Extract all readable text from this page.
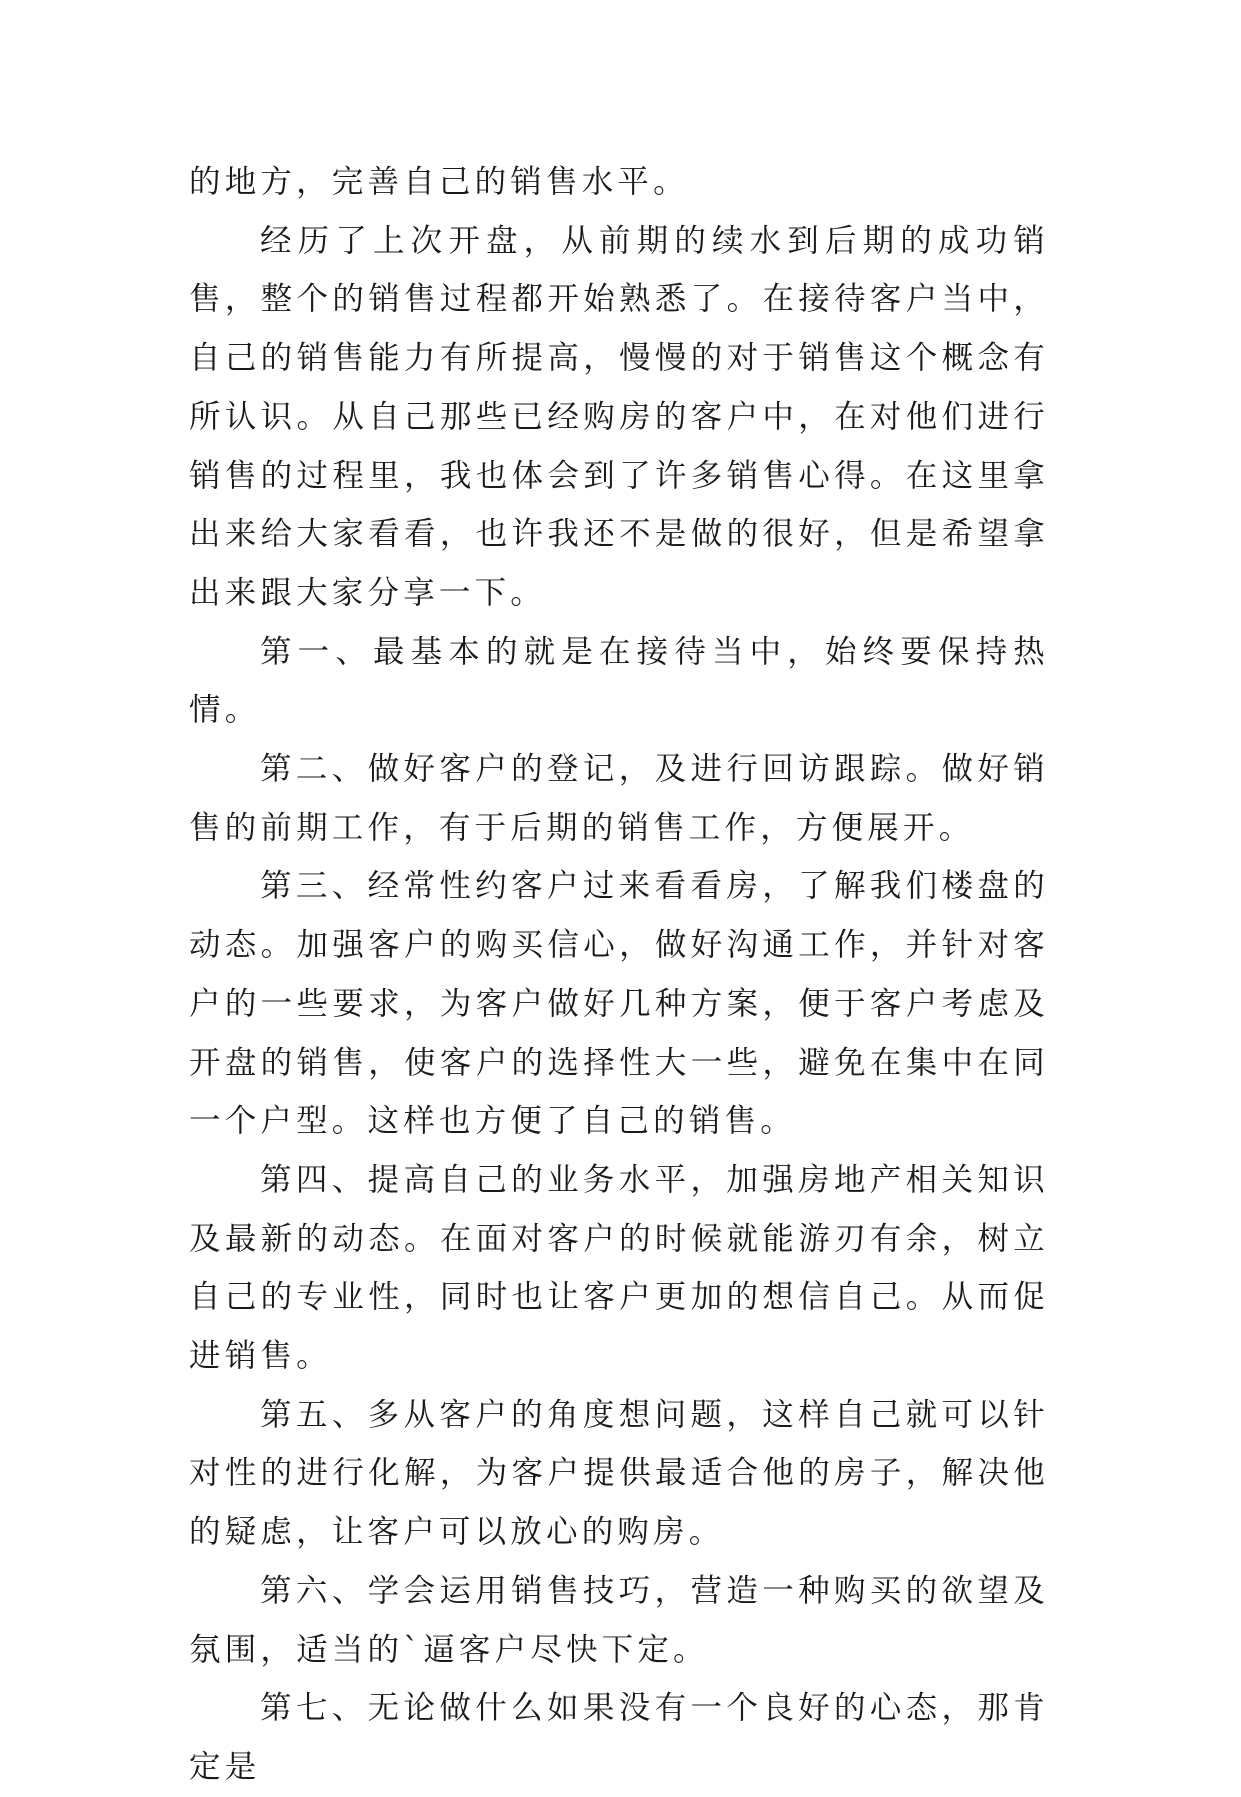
的地方，完善自己的销售水平。

经历了上次开盘，从前期的续水到后期的成功销售，整个的销售过程都开始熟悉了。在接待客户当中，自己的销售能力有所提高，慢慢的对于销售这个概念有所认识。从自己那些已经购房的客户中，在对他们进行销售的过程里，我也体会到了许多销售心得。在这里拿出来给大家看看，也许我还不是做的很好，但是希望拿出来跟大家分享一下。

第一、最基本的就是在接待当中，始终要保持热情。

第二、做好客户的登记，及进行回访跟踪。做好销售的前期工作，有于后期的销售工作，方便展开。

第三、经常性约客户过来看看房，了解我们楼盘的动态。加强客户的购买信心，做好沟通工作，并针对客户的一些要求，为客户做好几种方案，便于客户考虑及开盘的销售，使客户的选择性大一些，避免在集中在同一个户型。这样也方便了自己的销售。

第四、提高自己的业务水平，加强房地产相关知识及最新的动态。在面对客户的时候就能游刃有余，树立自己的专业性，同时也让客户更加的想信自己。从而促进销售。

第五、多从客户的角度想问题，这样自己就可以针对性的进行化解，为客户提供最适合他的房子，解决他的疑虑，让客户可以放心的购房。

第六、学会运用销售技巧，营造一种购买的欲望及氛围，适当的`逼客户尽快下定。

第七、无论做什么如果没有一个良好的心态，那肯定是
